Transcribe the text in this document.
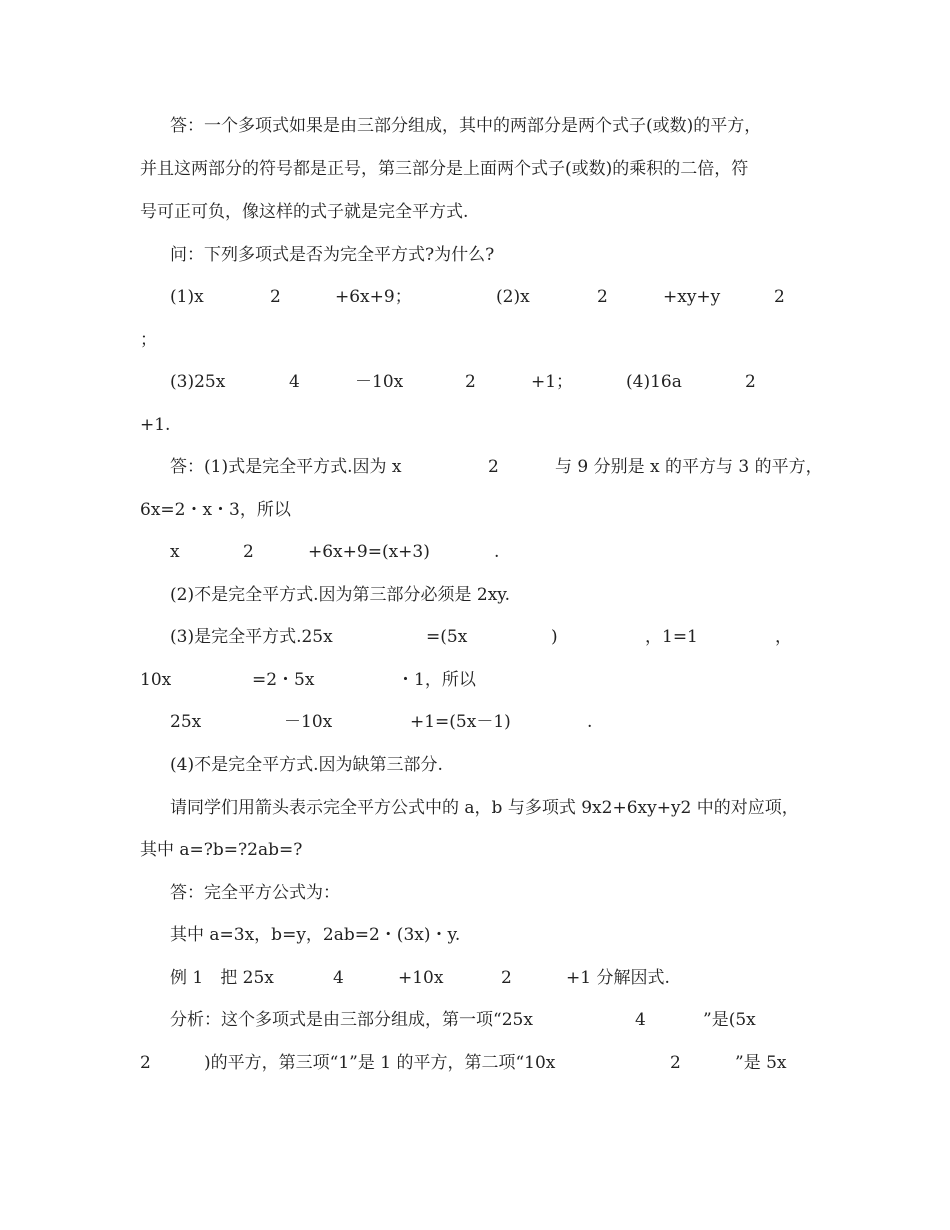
答：一个多项式如果是由三部分组成，其中的两部分是两个式子(或数)的平方，
并且这两部分的符号都是正号，第三部分是上面两个式子(或数)的乘积的二倍，符
号可正可负，像这样的式子就是完全平方式.
问：下列多项式是否为完全平方式?为什么?
(1)x	2	+6x+9；	(2)x	2	+xy+y	2
；
(3)25x	4	－10x	2	+1；	(4)16a	2
+1.
答：(1)式是完全平方式.因为 x	2	与 9 分别是 x 的平方与 3 的平方，
6x=2・x・3，所以
x	2	+6x+9=(x+3)	.
(2)不是完全平方式.因为第三部分必须是 2xy.
(3)是完全平方式.25x	=(5x	)	，1=1	，
10x	=2・5x	・1，所以
25x	－10x	+1=(5x－1)	.
(4)不是完全平方式.因为缺第三部分.
请同学们用箭头表示完全平方公式中的 a，b 与多项式 9x2+6xy+y2 中的对应项，
其中 a=?b=?2ab=?
答：完全平方公式为：
其中 a=3x，b=y，2ab=2・(3x)・y.
例 1　把 25x	4	+10x	2	+1 分解因式.
分析：这个多项式是由三部分组成，第一项“25x	4	”是(5x
2	)的平方，第三项“1”是 1 的平方，第二项“10x	2	”是 5x
